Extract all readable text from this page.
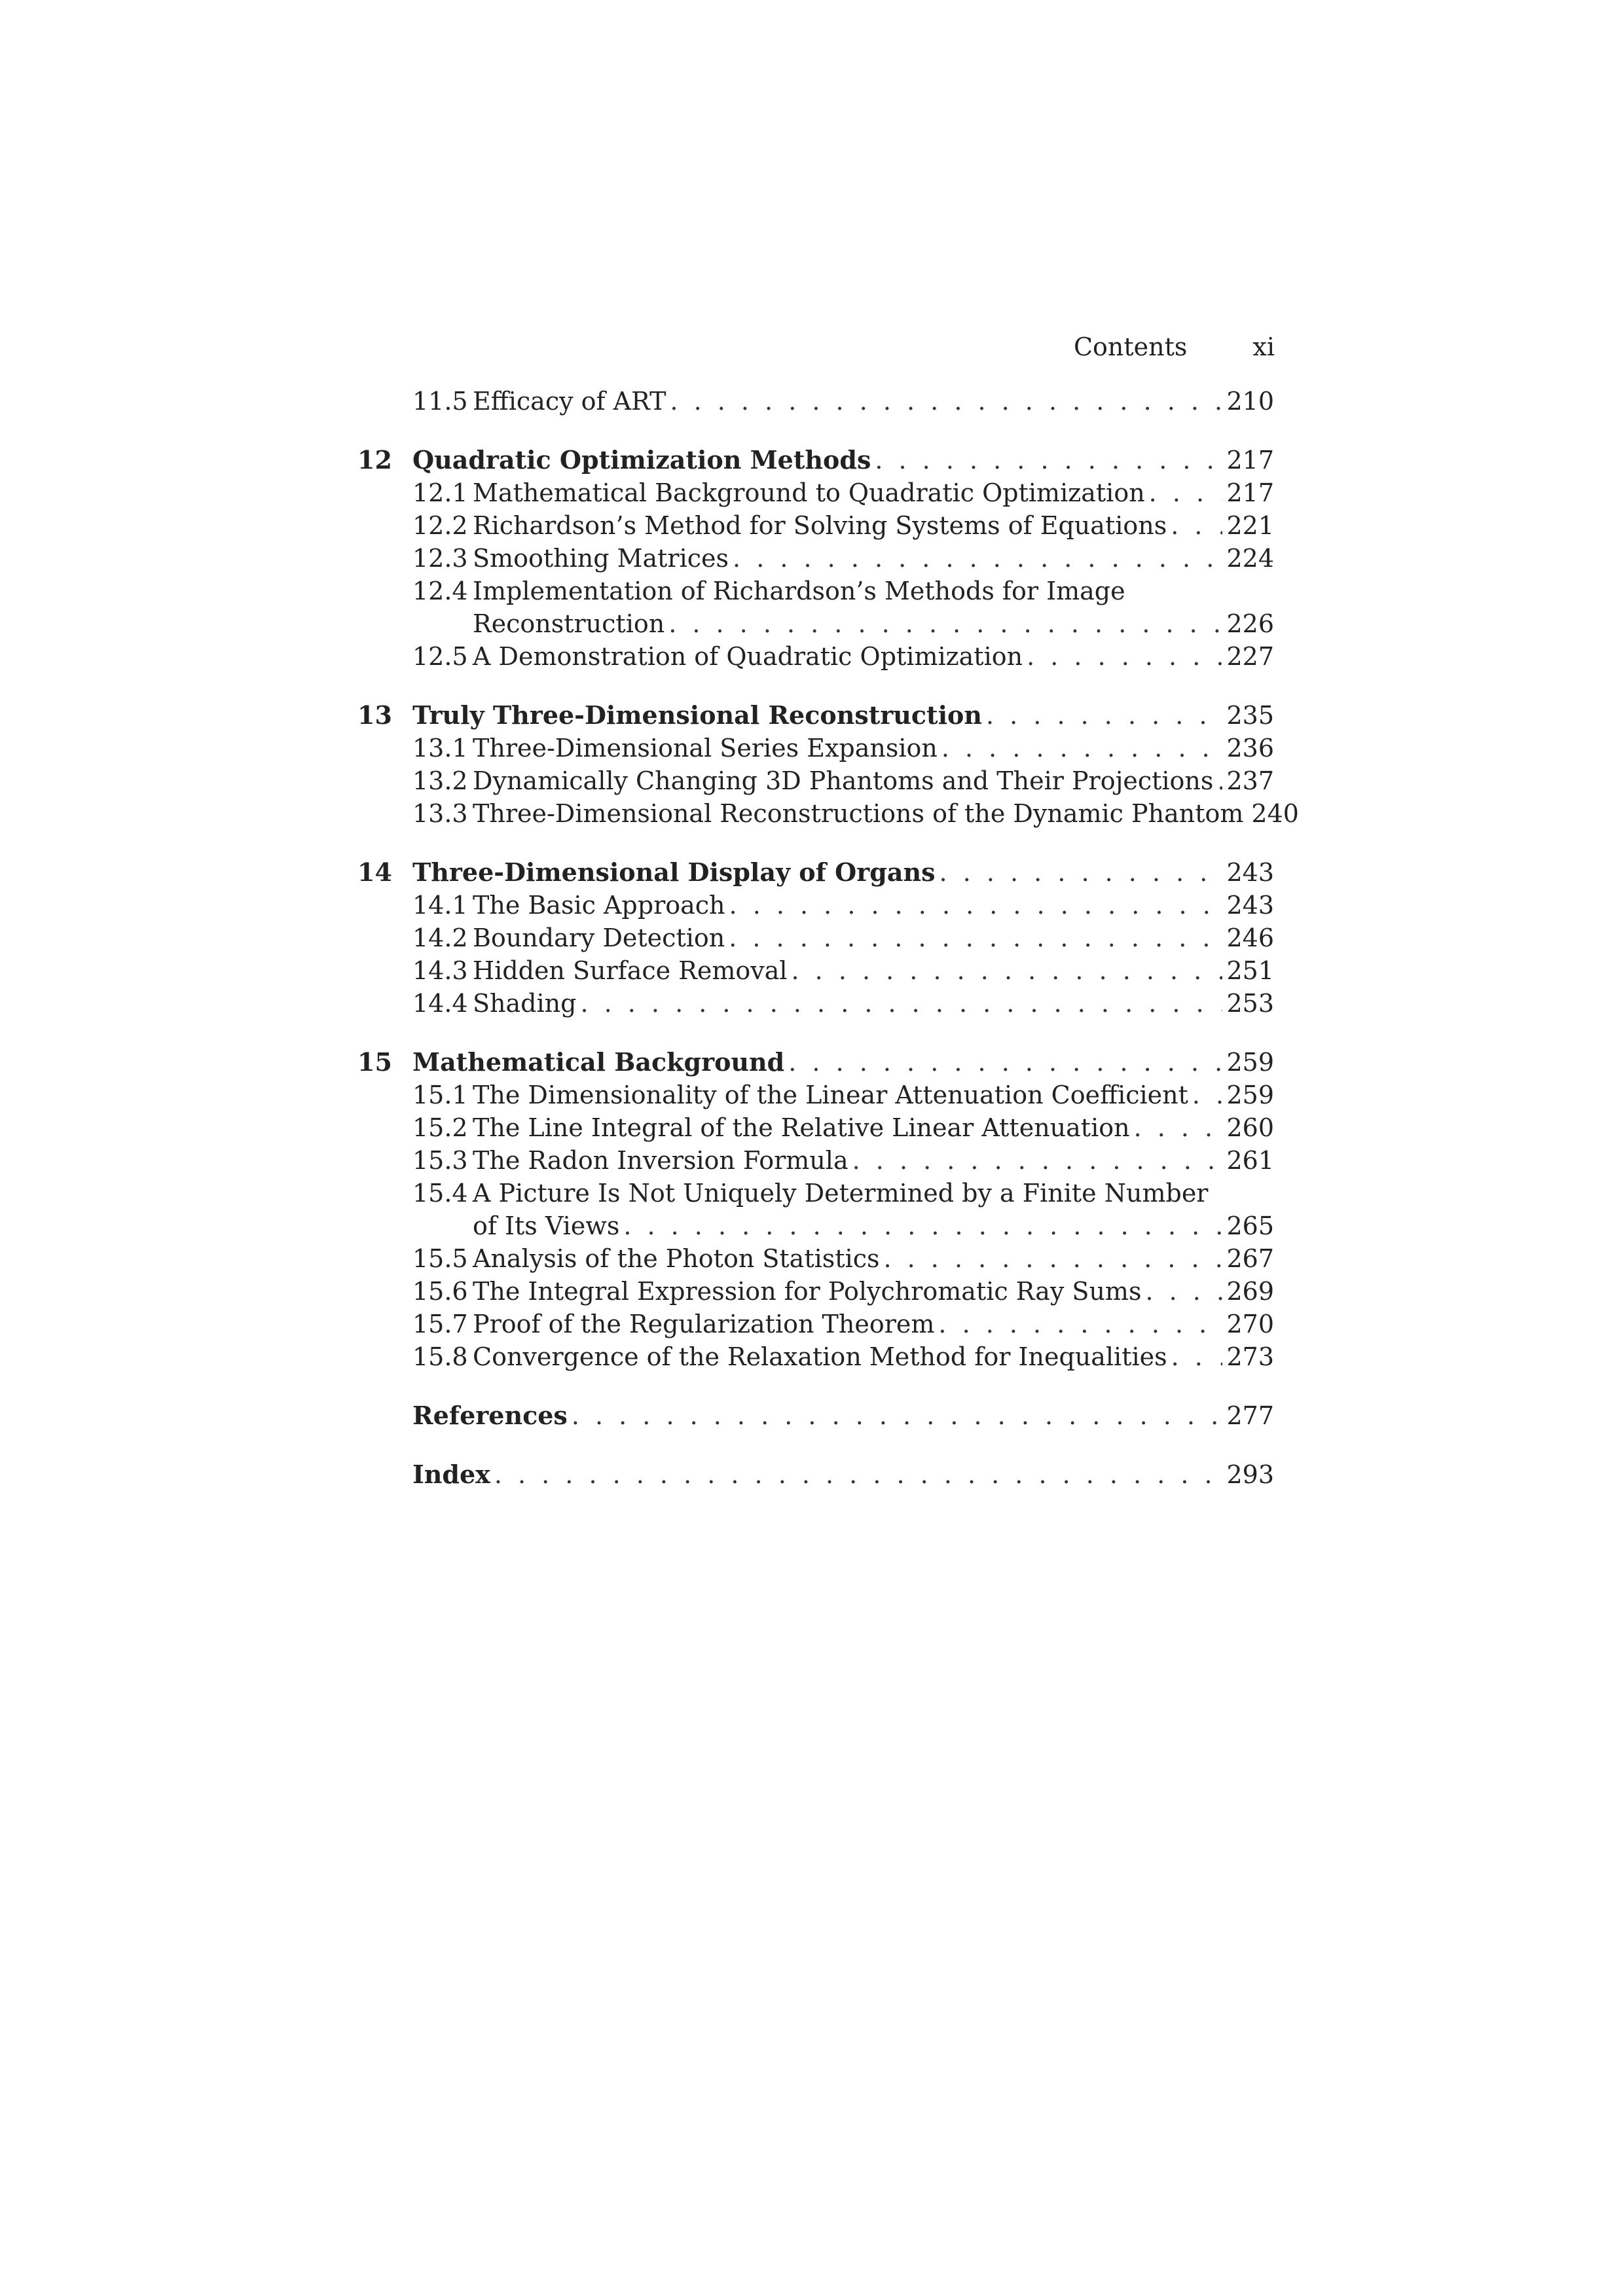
Contents	xi
11.5 Efficacy of ART . . .	210
12 Quadratic Optimization Methods . . .	217
12.1 Mathematical Background to Quadratic Optimization . . .	217
12.2 Richardson’s Method for Solving Systems of Equations . . . 221
12.3 Smoothing Matrices . . .	224
12.4 Implementation of Richardson’s Methods for Image
Reconstruction . . .	226
12.5 A Demonstration of Quadratic Optimization . . .	227
13 Truly Three-Dimensional Reconstruction . . .	235
13.1 Three-Dimensional Series Expansion . . .	236
13.2 Dynamically Changing 3D Phantoms and Their Projections . . . 237
13.3 Three-Dimensional Reconstructions of the Dynamic Phantom 240
14 Three-Dimensional Display of Organs . . .	243
14.1 The Basic Approach . . .	243
14.2 Boundary Detection . . .	246
14.3 Hidden Surface Removal . . .	251
14.4 Shading . . .	253
15 Mathematical Background . . .	259
15.1 The Dimensionality of the Linear Attenuation Coefficient . . . 259
15.2 The Line Integral of the Relative Linear Attenuation . . .	260
15.3 The Radon Inversion Formula . . .	261
15.4 A Picture Is Not Uniquely Determined by a Finite Number
of Its Views . . .	265
15.5 Analysis of the Photon Statistics . . .	267
15.6 The Integral Expression for Polychromatic Ray Sums . . .	269
15.7 Proof of the Regularization Theorem . . .	270
15.8 Convergence of the Relaxation Method for Inequalities . . . 273
References . . .	277
Index . . .	293
